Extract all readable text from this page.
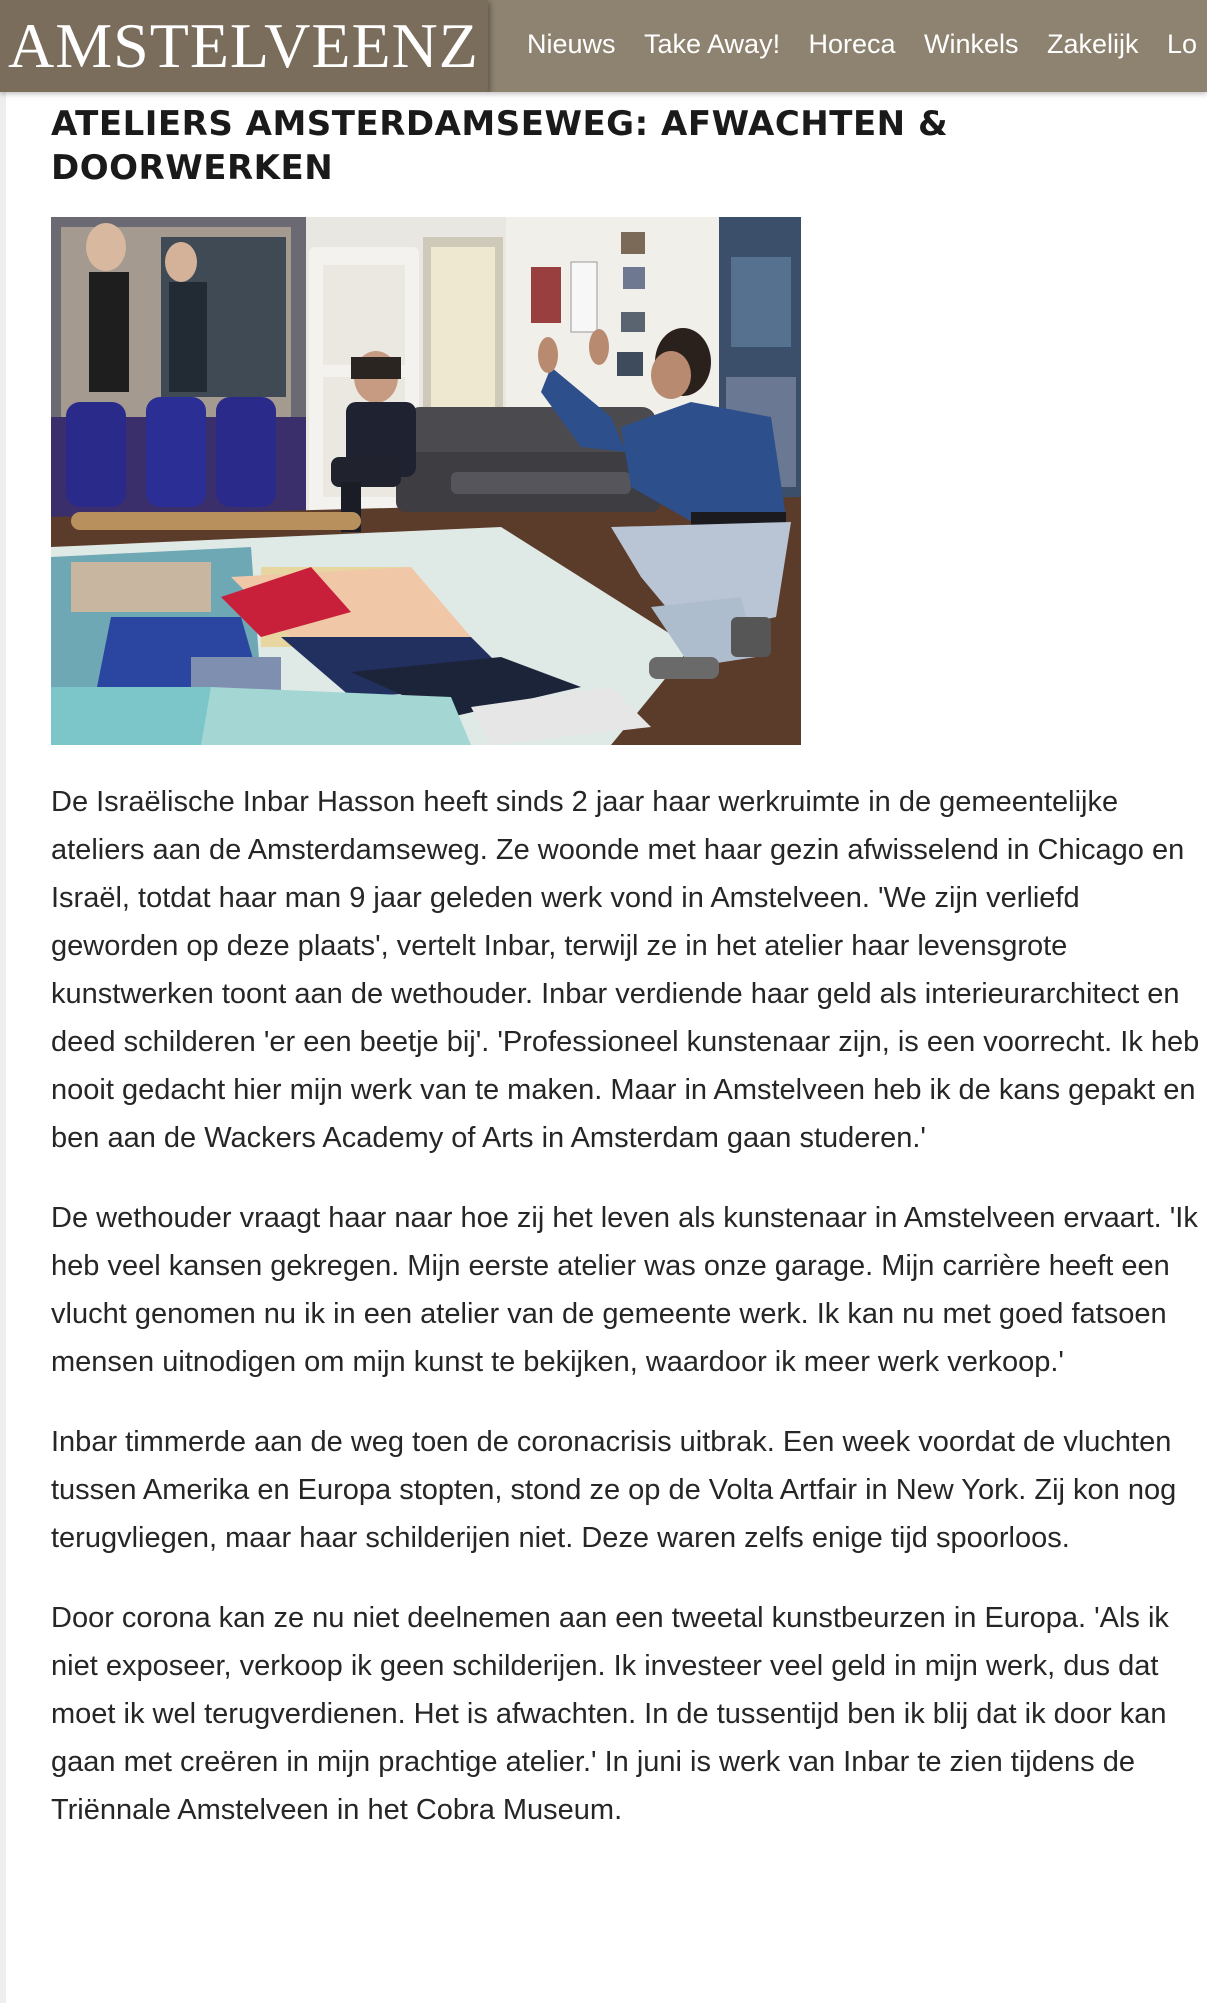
AMSTELVEENZ Nieuws Take Away! Horeca Winkels Zakelijk Lo
ATELIERS AMSTERDAMSEWEG: AFWACHTEN & DOORWERKEN

De Israëlische Inbar Hasson heeft sinds 2 jaar haar werkruimte in de gemeentelijke ateliers aan de Amsterdamseweg. Ze woonde met haar gezin afwisselend in Chicago en Israël, totdat haar man 9 jaar geleden werk vond in Amstelveen. 'We zijn verliefd geworden op deze plaats', vertelt Inbar, terwijl ze in het atelier haar levensgrote kunstwerken toont aan de wethouder. Inbar verdiende haar geld als interieurarchitect en deed schilderen 'er een beetje bij'. 'Professioneel kunstenaar zijn, is een voorrecht. Ik heb nooit gedacht hier mijn werk van te maken. Maar in Amstelveen heb ik de kans gepakt en ben aan de Wackers Academy of Arts in Amsterdam gaan studeren.'

De wethouder vraagt haar naar hoe zij het leven als kunstenaar in Amstelveen ervaart. 'Ik heb veel kansen gekregen. Mijn eerste atelier was onze garage. Mijn carrière heeft een vlucht genomen nu ik in een atelier van de gemeente werk. Ik kan nu met goed fatsoen mensen uitnodigen om mijn kunst te bekijken, waardoor ik meer werk verkoop.'

Inbar timmerde aan de weg toen de coronacrisis uitbrak. Een week voordat de vluchten tussen Amerika en Europa stopten, stond ze op de Volta Artfair in New York. Zij kon nog terugvliegen, maar haar schilderijen niet. Deze waren zelfs enige tijd spoorloos.

Door corona kan ze nu niet deelnemen aan een tweetal kunstbeurzen in Europa. 'Als ik niet exposeer, verkoop ik geen schilderijen. Ik investeer veel geld in mijn werk, dus dat moet ik wel terugverdienen. Het is afwachten. In de tussentijd ben ik blij dat ik door kan gaan met creëren in mijn prachtige atelier.' In juni is werk van Inbar te zien tijdens de Triënnale Amstelveen in het Cobra Museum.
